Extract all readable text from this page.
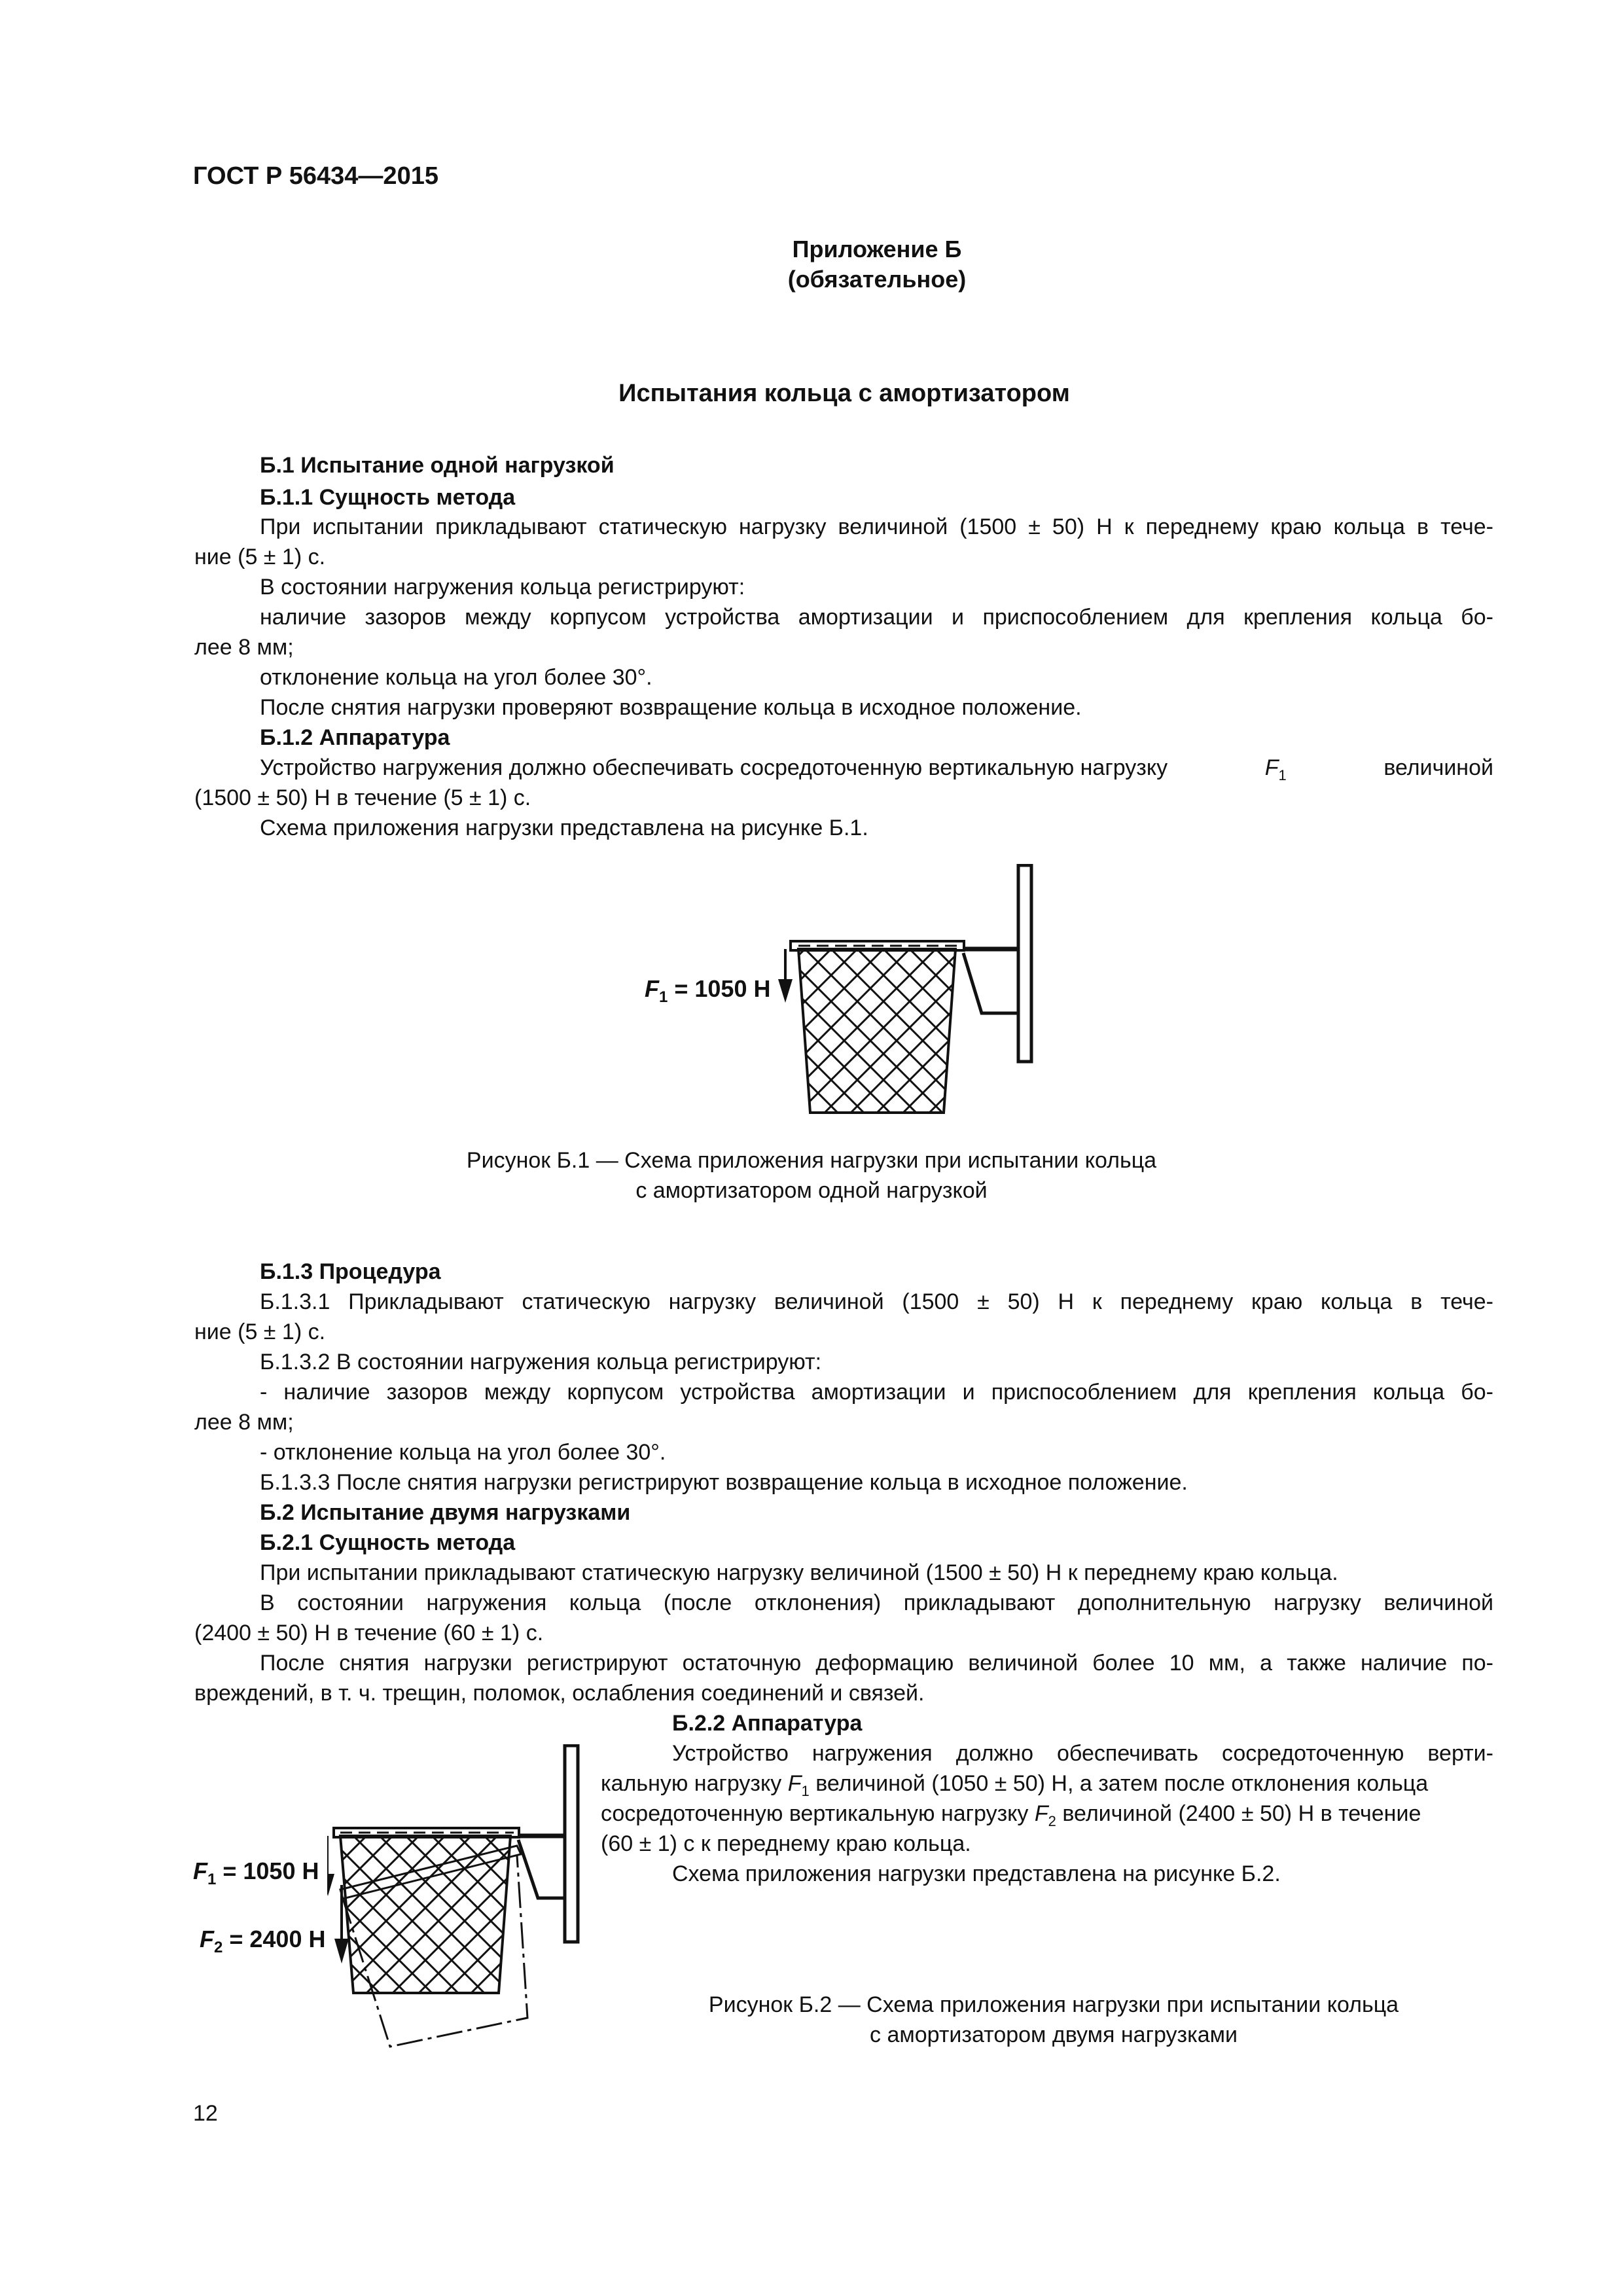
ГОСТ Р 56434—2015
Приложение Б
(обязательное)
Испытания кольца с амортизатором
Б.1 Испытание одной нагрузкой
Б.1.1 Сущность метода
При испытании прикладывают статическую нагрузку величиной (1500 ± 50) Н к переднему краю кольца в тече-
ние (5 ± 1) с.
В состоянии нагружения кольца регистрируют:
наличие зазоров между корпусом устройства амортизации и приспособлением для крепления кольца бо-
лее 8 мм;
отклонение кольца на угол более 30°.
После снятия нагрузки проверяют возвращение кольца в исходное положение.
Б.1.2 Аппаратура
Устройство нагружения должно обеспечивать сосредоточенную вертикальную нагрузку	$F_1$	величиной
(1500 ± 50) Н в течение (5 ± 1) с.
Схема приложения нагрузки представлена на рисунке Б.1.
$F_1 = 1050$ Н
Рисунок Б.1 — Схема приложения нагрузки при испытании кольца
с амортизатором одной нагрузкой
Б.1.3 Процедура
Б.1.3.1 Прикладывают статическую нагрузку величиной (1500 ± 50) Н к переднему краю кольца в тече-
ние (5 ± 1) с.
Б.1.3.2 В состоянии нагружения кольца регистрируют:
- наличие зазоров между корпусом устройства амортизации и приспособлением для крепления кольца бо-
лее 8 мм;
- отклонение кольца на угол более 30°.
Б.1.3.3 После снятия нагрузки регистрируют возвращение кольца в исходное положение.
Б.2 Испытание двумя нагрузками
Б.2.1 Сущность метода
При испытании прикладывают статическую нагрузку величиной (1500 ± 50) Н к переднему краю кольца.
В состоянии нагружения кольца (после отклонения) прикладывают дополнительную нагрузку величиной
(2400 ± 50) Н в течение (60 ± 1) с.
После снятия нагрузки регистрируют остаточную деформацию величиной более 10 мм, а также наличие по-
вреждений, в т. ч. трещин, поломок, ослабления соединений и связей.
Б.2.2 Аппаратура
Устройство нагружения должно обеспечивать сосредоточенную верти-
кальную нагрузку $F_1$ величиной (1050 ± 50) Н, а затем после отклонения кольца
сосредоточенную вертикальную нагрузку $F_2$ величиной (2400 ± 50) Н в течение
(60 ± 1) с к переднему краю кольца.
Схема приложения нагрузки представлена на рисунке Б.2.
$F_1 = 1050$ Н
$F_2 = 2400$ Н
Рисунок Б.2 — Схема приложения нагрузки при испытании кольца
с амортизатором двумя нагрузками
12
